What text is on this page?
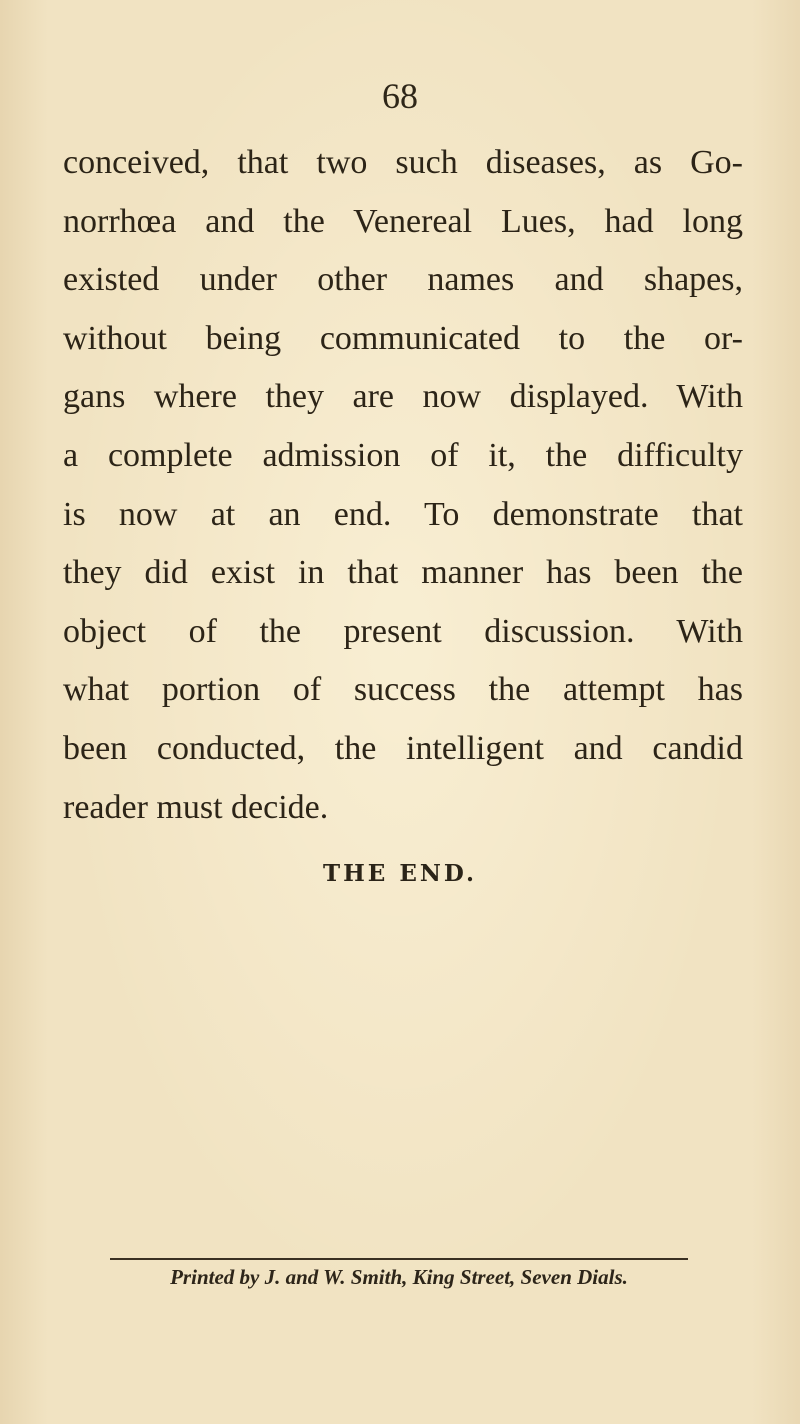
68
conceived, that two such diseases, as Go-
norrhœa and the Venereal Lues, had long
existed under other names and shapes,
without being communicated to the or-
gans where they are now displayed. With
a complete admission of it, the difficulty
is now at an end. To demonstrate that
they did exist in that manner has been the
object of the present discussion. With
what portion of success the attempt has
been conducted, the intelligent and candid
reader must decide.
THE END.
Printed by J. and W. Smith, King Street, Seven Dials.
